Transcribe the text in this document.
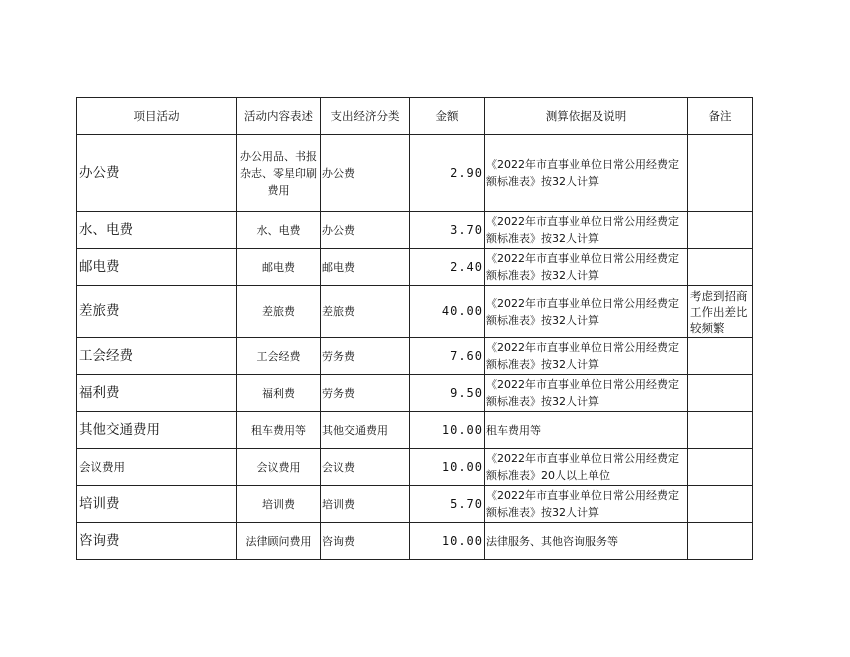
项目活动	活动内容表述	支出经济分类	金额	测算依据及说明	备注
办公费	办公用品、书报杂志、零星印刷费用	办公费	2.90	《2022年市直事业单位日常公用经费定额标准表》按32人计算	
水、电费	水、电费	办公费	3.70	《2022年市直事业单位日常公用经费定额标准表》按32人计算	
邮电费	邮电费	邮电费	2.40	《2022年市直事业单位日常公用经费定额标准表》按32人计算	
差旅费	差旅费	差旅费	40.00	《2022年市直事业单位日常公用经费定额标准表》按32人计算	考虑到招商工作出差比较频繁
工会经费	工会经费	劳务费	7.60	《2022年市直事业单位日常公用经费定额标准表》按32人计算	
福利费	福利费	劳务费	9.50	《2022年市直事业单位日常公用经费定额标准表》按32人计算	
其他交通费用	租车费用等	其他交通费用	10.00	租车费用等	
会议费用	会议费用	会议费	10.00	《2022年市直事业单位日常公用经费定额标准表》20人以上单位	
培训费	培训费	培训费	5.70	《2022年市直事业单位日常公用经费定额标准表》按32人计算	
咨询费	法律顾问费用	咨询费	10.00	法律服务、其他咨询服务等	
